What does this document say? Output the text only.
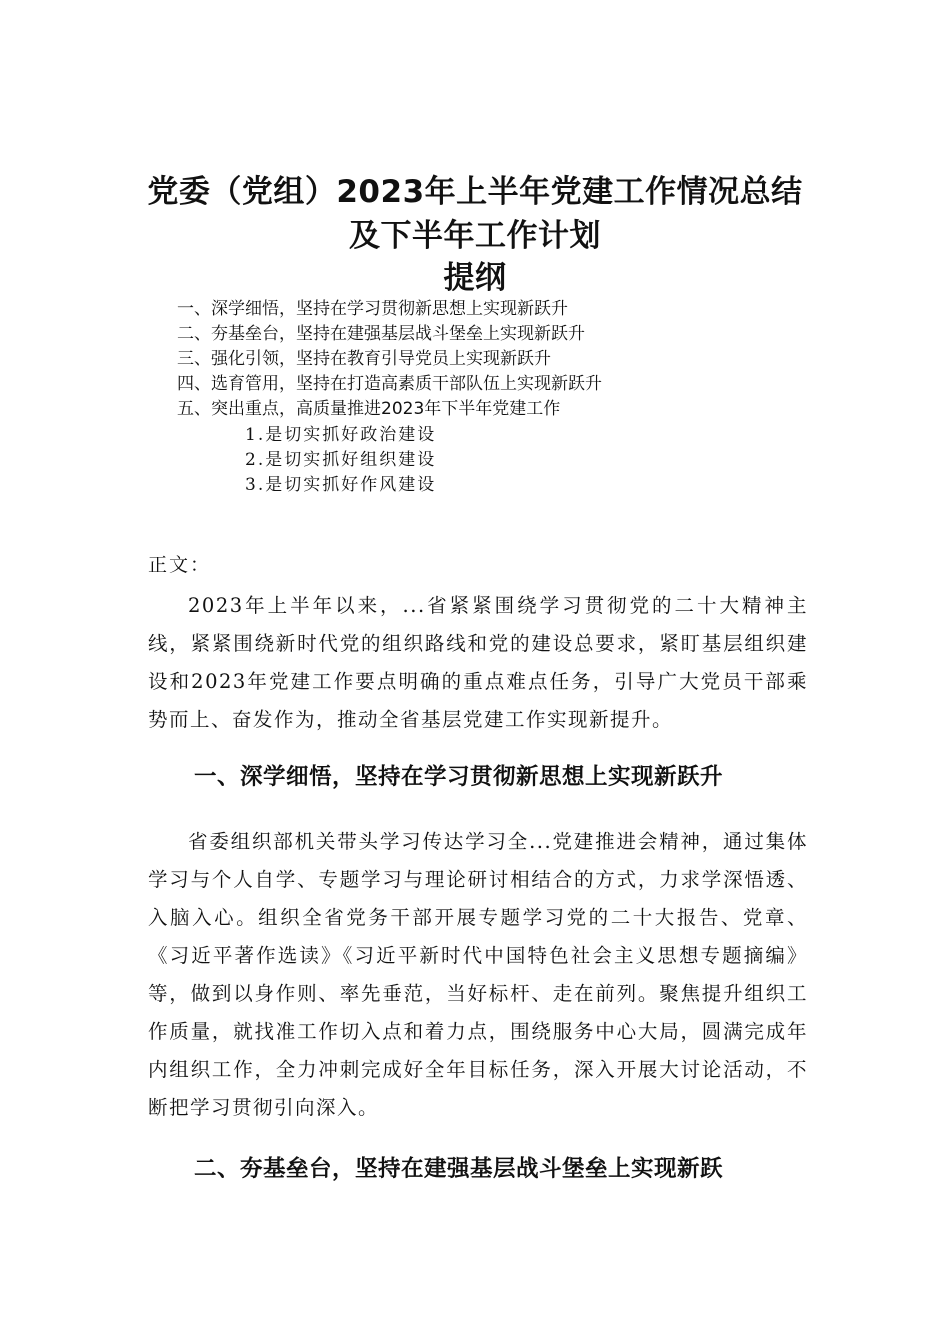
党委（党组）2023年上半年党建工作情况总结
及下半年工作计划
提纲
一、深学细悟，坚持在学习贯彻新思想上实现新跃升
二、夯基垒台，坚持在建强基层战斗堡垒上实现新跃升
三、强化引领，坚持在教育引导党员上实现新跃升
四、选育管用，坚持在打造高素质干部队伍上实现新跃升
五、突出重点，高质量推进2023年下半年党建工作
1.是切实抓好政治建设
2.是切实抓好组织建设
3.是切实抓好作风建设
正文：

2023年上半年以来，...省紧紧围绕学习贯彻党的二十大精神主线，紧紧围绕新时代党的组织路线和党的建设总要求，紧盯基层组织建设和2023年党建工作要点明确的重点难点任务，引导广大党员干部乘势而上、奋发作为，推动全省基层党建工作实现新提升。

一、深学细悟，坚持在学习贯彻新思想上实现新跃升

省委组织部机关带头学习传达学习全...党建推进会精神，通过集体学习与个人自学、专题学习与理论研讨相结合的方式，力求学深悟透、入脑入心。组织全省党务干部开展专题学习党的二十大报告、党章、《习近平著作选读》《习近平新时代中国特色社会主义思想专题摘编》等，做到以身作则、率先垂范，当好标杆、走在前列。聚焦提升组织工作质量，就找准工作切入点和着力点，围绕服务中心大局，圆满完成年内组织工作，全力冲刺完成好全年目标任务，深入开展大讨论活动，不断把学习贯彻引向深入。

二、夯基垒台，坚持在建强基层战斗堡垒上实现新跃
